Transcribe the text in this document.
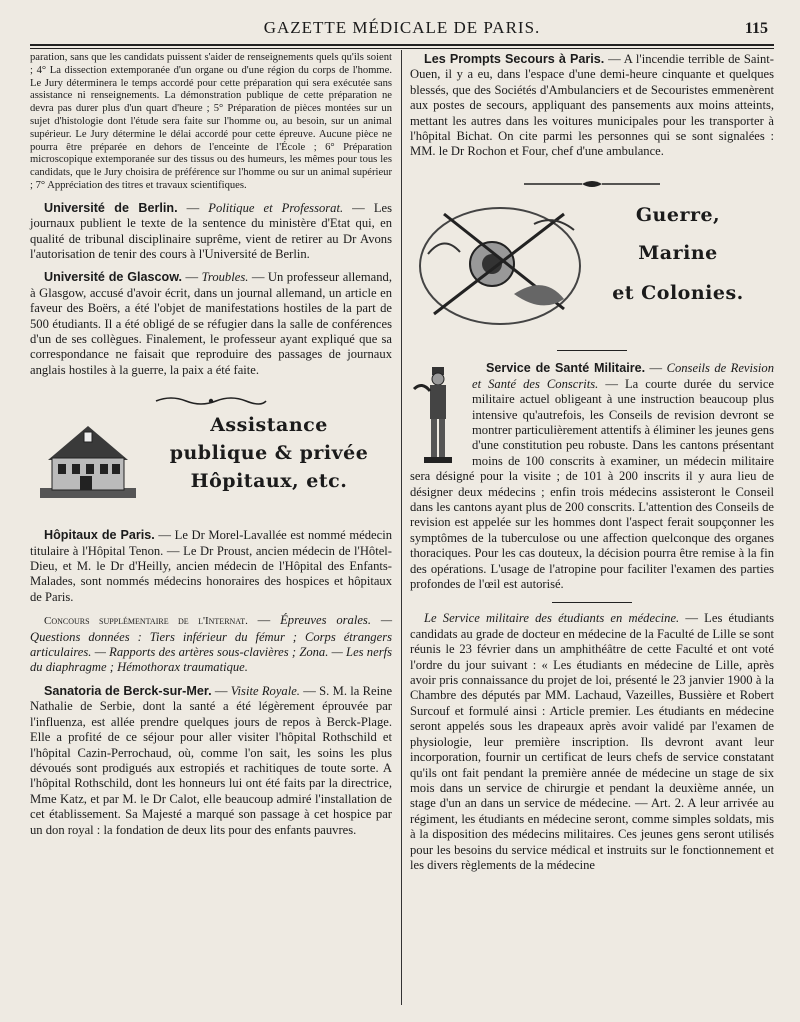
GAZETTE MÉDICALE DE PARIS.	115

paration, sans que les candidats puissent s'aider de renseignements quels qu'ils soient ; 4° La dissection extemporanée d'un organe ou d'une région du corps de l'homme. Le Jury déterminera le temps accordé pour cette préparation qui sera exécutée sans assistance ni renseignements. La démonstration publique de cette préparation ne devra pas durer plus d'un quart d'heure ; 5° Préparation de pièces montées sur un sujet d'histologie dont l'étude sera faite sur l'homme ou, au besoin, sur un animal supérieur. Le Jury détermine le délai accordé pour cette épreuve. Aucune pièce ne pourra être préparée en dehors de l'enceinte de l'École ; 6° Préparation microscopique extemporanée sur des tissus ou des humeurs, les mêmes pour tous les candidats, que le Jury choisira de préférence sur l'homme ou sur un animal supérieur ; 7° Appréciation des titres et travaux scientifiques.

Université de Berlin. — Politique et Professorat. — Les journaux publient le texte de la sentence du ministère d'Etat qui, en qualité de tribunal disciplinaire suprême, vient de retirer au Dr Avons l'autorisation de tenir des cours à l'Université de Berlin.

Université de Glascow. — Troubles. — Un professeur allemand, à Glasgow, accusé d'avoir écrit, dans un journal allemand, un article en faveur des Boërs, a été l'objet de manifestations hostiles de la part de 500 étudiants. Il a été obligé de se réfugier dans la salle de conférences d'un de ses collègues. Finalement, le professeur ayant expliqué que sa correspondance ne faisait que reproduire des passages de journaux anglais hostiles à la guerre, la paix a été faite.

Assistance
publique & privée
Hôpitaux, etc.

Hôpitaux de Paris. — Le Dr Morel-Lavallée est nommé médecin titulaire à l'Hôpital Tenon. — Le Dr Proust, ancien médecin de l'Hôtel-Dieu, et M. le Dr d'Heilly, ancien médecin de l'Hôpital des Enfants-Malades, sont nommés médecins honoraires des hospices et hôpitaux de Paris.

Concours supplémentaire de l'Internat. — Épreuves orales. — Questions données : Tiers inférieur du fémur ; Corps étrangers articulaires. — Rapports des artères sous-clavières ; Zona. — Les nerfs du diaphragme ; Hémothorax traumatique.

Sanatoria de Berck-sur-Mer. — Visite Royale. — S. M. la Reine Nathalie de Serbie, dont la santé a été légèrement éprouvée par l'influenza, est allée prendre quelques jours de repos à Berck-Plage. Elle a profité de ce séjour pour aller visiter l'hôpital Rothschild et l'hôpital Cazin-Perrochaud, où, comme l'on sait, les soins les plus dévoués sont prodigués aux estropiés et rachitiques de toute sorte. A l'hôpital Rothschild, dont les honneurs lui ont été faits par la directrice, Mme Katz, et par M. le Dr Calot, elle beaucoup admiré l'installation de cet établissement. Sa Majesté a marqué son passage à cet hospice par un don royal : la fondation de deux lits pour des enfants pauvres.

Les Prompts Secours à Paris. — A l'incendie terrible de Saint-Ouen, il y a eu, dans l'espace d'une demi-heure cinquante et quelques blessés, que des Sociétés d'Ambulanciers et de Secouristes emmenèrent aux postes de secours, appliquant des pansements aux moins atteints, mettant les autres dans les voitures municipales pour les transporter à l'hôpital Bichat. On cite parmi les personnes qui se sont signalées : MM. le Dr Rochon et Four, chef d'une ambulance.

Guerre,
Marine
et Colonies.

Service de Santé Militaire. — Conseils de Revision et Santé des Conscrits. — La courte durée du service militaire actuel obligeant à une instruction beaucoup plus intensive qu'autrefois, les Conseils de revision devront se montrer particulièrement attentifs à éliminer les jeunes gens d'une constitution peu robuste. Dans les cantons présentant moins de 100 conscrits à examiner, un médecin militaire sera désigné pour la visite ; de 101 à 200 inscrits il y aura lieu de désigner deux médecins ; enfin trois médecins assisteront le Conseil dans les cantons ayant plus de 200 conscrits. L'attention des Conseils de revision est appelée sur les hommes dont l'aspect ferait soupçonner les symptômes de la tuberculose ou une affection quelconque des organes thoraciques. Pour les cas douteux, la décision pourra être remise à la fin des opérations. L'usage de l'atropine pour faciliter l'examen des parties profondes de l'œil est autorisé.

Le Service militaire des étudiants en médecine. — Les étudiants candidats au grade de docteur en médecine de la Faculté de Lille se sont réunis le 23 février dans un amphithéâtre de cette Faculté et ont voté l'ordre du jour suivant : « Les étudiants en médecine de Lille, après avoir pris connaissance du projet de loi, présenté le 23 janvier 1900 à la Chambre des députés par MM. Lachaud, Vazeilles, Bussière et Robert Surcouf et formulé ainsi : Article premier. Les étudiants en médecine seront appelés sous les drapeaux après avoir validé par l'examen de physiologie, leur première inscription. Ils devront avant leur incorporation, fournir un certificat de leurs chefs de service constatant qu'ils ont fait pendant la première année de médecine un stage de six mois dans un service de chirurgie et pendant la deuxième année, un stage d'un an dans un service de médecine. — Art. 2. A leur arrivée au régiment, les étudiants en médecine seront, comme simples soldats, mis à la disposition des médecins militaires. Ces jeunes gens seront utilisés pour les besoins du service médical et instruits sur le fonctionnement et les divers règlements de la médecine
